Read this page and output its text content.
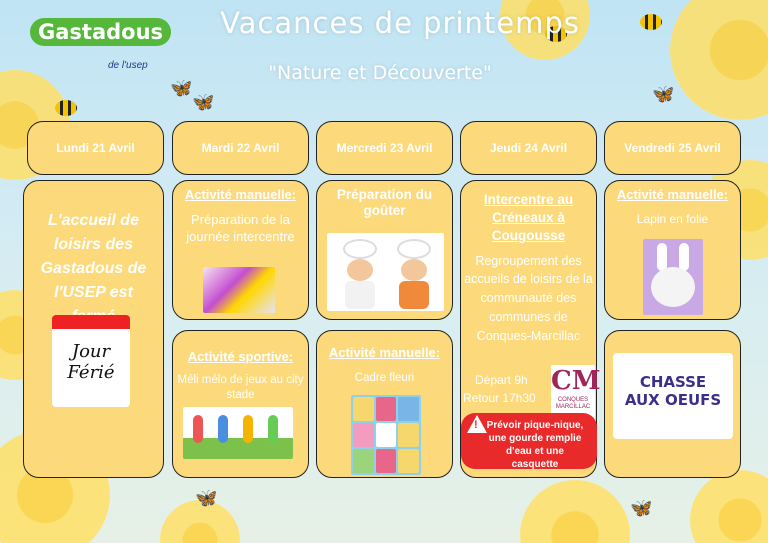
🦋
🦋	🦋
🦋	🦋
Gastadous
de l'usep
Vacances de printemps
"Nature et Découverte"
Lundi 21 Avril	Mardi 22 Avril	Mercredi 23 Avril	Jeudi 24 Avril	Vendredi 25 Avril
L'accueil de loisirs des Gastadous de l'USEP est
Jour
Férié
Activité manuelle:
Préparation de la journée intercentre
Activité sportive:
Méli mélo de jeux au city stade
Préparation du goûter
Activité manuelle:
Cadre fleuri
Intercentre au Créneaux à Cougousse
Regroupement des accueils de loisirs de la communauté des communes de Conques-Marcillac
Départ 9h
Retour 17h30
CM
CONQUES MARCILLAC
! Prévoir pique-nique, une gourde remplie d'eau et une casquette
Activité manuelle:
Lapin en folie
CHASSE
AUX OEUFS
